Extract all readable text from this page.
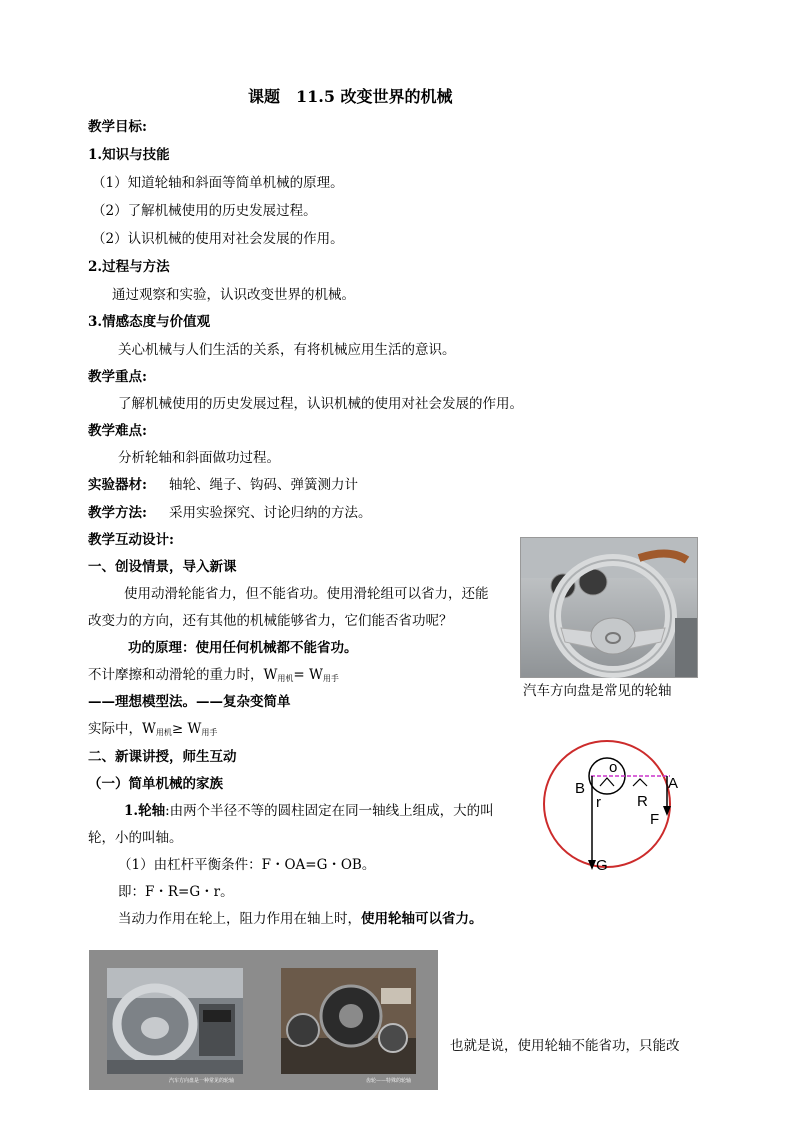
课题　11.5 改变世界的机械
教学目标:
1.知识与技能
（1）知道轮轴和斜面等简单机械的原理。
（2）了解机械使用的历史发展过程。
（2）认识机械的使用对社会发展的作用。
2.过程与方法
通过观察和实验，认识改变世界的机械。
3.情感态度与价值观
关心机械与人们生活的关系，有将机械应用生活的意识。
教学重点:
了解机械使用的历史发展过程，认识机械的使用对社会发展的作用。
教学难点:
分析轮轴和斜面做功过程。
实验器材: 轴轮、绳子、钩码、弹簧测力计
教学方法: 采用实验探究、讨论归纳的方法。
教学互动设计:
一、创设情景，导入新课
使用动滑轮能省力，但不能省功。使用滑轮组可以省力，还能
改变力的方向，还有其他的机械能够省力，它们能否省功呢？
功的原理：使用任何机械都不能省功。
不计摩擦和动滑轮的重力时，$W_{用机}= W_{用手}$
——理想模型法。——复杂变简单
实际中，$W_{用机}\ge W_{用手}$
二、新课讲授，师生互动
（一）简单机械的家族
1.轮轴:由两个半径不等的圆柱固定在同一轴线上组成，大的叫
轮，小的叫轴。
（1）由杠杆平衡条件：F・OA=G・OB。
即：F・R=G・r。
当动力作用在轮上，阻力作用在轴上时，使用轮轴可以省力。
汽车方向盘是常见的轮轴
o
B
r R
A
F
G
汽车方向盘是一种常见的轮轴	齿轮——特殊的轮轴
也就是说，使用轮轴不能省功，只能改
